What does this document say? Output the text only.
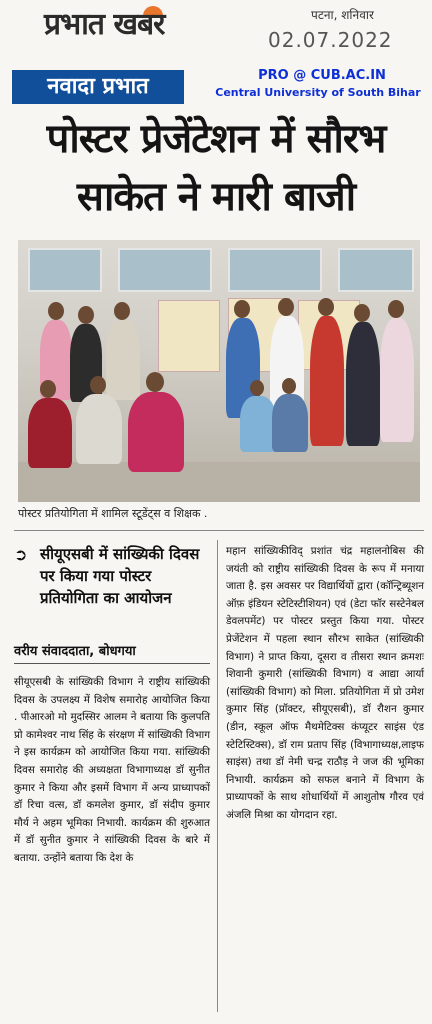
प्रभात खबर	पटना, शनिवार
02.07.2022
नवादा प्रभात	PRO @ CUB.AC.IN
Central University of South Bihar
पोस्टर प्रेजेंटेशन में सौरभ साकेत ने मारी बाजी
पोस्टर प्रतियोगिता में शामिल स्टूडेंट्स व शिक्षक .
➲ सीयूएसबी में सांख्यिकी दिवस पर किया गया पोस्टर प्रतियोगिता का आयोजन
वरीय संवाददाता, बोधगया
सीयूएसबी के सांख्यिकी विभाग ने राष्ट्रीय सांख्यिकी दिवस के उपलक्ष्य में विशेष समारोह आयोजित किया . पीआरओ मो मुदस्सिर आलम ने बताया कि कुलपति प्रो कामेश्वर नाथ सिंह के संरक्षण में सांख्यिकी विभाग ने इस कार्यक्रम को आयोजित किया गया. सांख्यिकी दिवस समारोह की अध्यक्षता विभागाध्यक्ष डॉ सुनीत कुमार ने किया और इसमें विभाग में अन्य प्राध्यापकों डॉ रिचा वत्स, डॉ कमलेश कुमार, डॉ संदीप कुमार मौर्य ने अहम भूमिका निभायी. कार्यक्रम की शुरुआत में डॉ सुनीत कुमार ने सांख्यिकी दिवस के बारे में बताया. उन्होंने बताया कि देश के
महान सांख्यिकीविद् प्रशांत चंद्र महालनोबिस की जयंती को राष्ट्रीय सांख्यिकी दिवस के रूप में मनाया जाता है. इस अवसर पर विद्यार्थियों द्वारा (कॉन्ट्रिब्यूशन ऑफ़ इंडियन स्टेटिस्टीशियन) एवं (डेटा फॉर सस्टेनेबल डेवलपमेंट) पर पोस्टर प्रस्तुत किया गया. पोस्टर प्रेजेंटेशन में पहला स्थान सौरभ साकेत (सांख्यिकी विभाग) ने प्राप्त किया, दूसरा व तीसरा स्थान क्रमशः शिवानी कुमारी (सांख्यिकी विभाग) व आद्या आर्या (सांख्यिकी विभाग) को मिला. प्रतियोगिता में प्रो उमेश कुमार सिंह (प्रॉक्टर, सीयूएसबी), डॉ रौशन कुमार (डीन, स्कूल ऑफ मैथमेटिक्स कंप्यूटर साइंस एंड स्टेटिस्टिक्स), डॉ राम प्रताप सिंह (विभागाध्यक्ष,लाइफ साइंस) तथा डॉ नेमी चन्द्र राठौड़ ने जज की भूमिका निभायी. कार्यक्रम को सफल बनाने में विभाग के प्राध्यापकों के साथ शोधार्थियों में आशुतोष गौरव एवं अंजलि मिश्रा का योगदान रहा.
